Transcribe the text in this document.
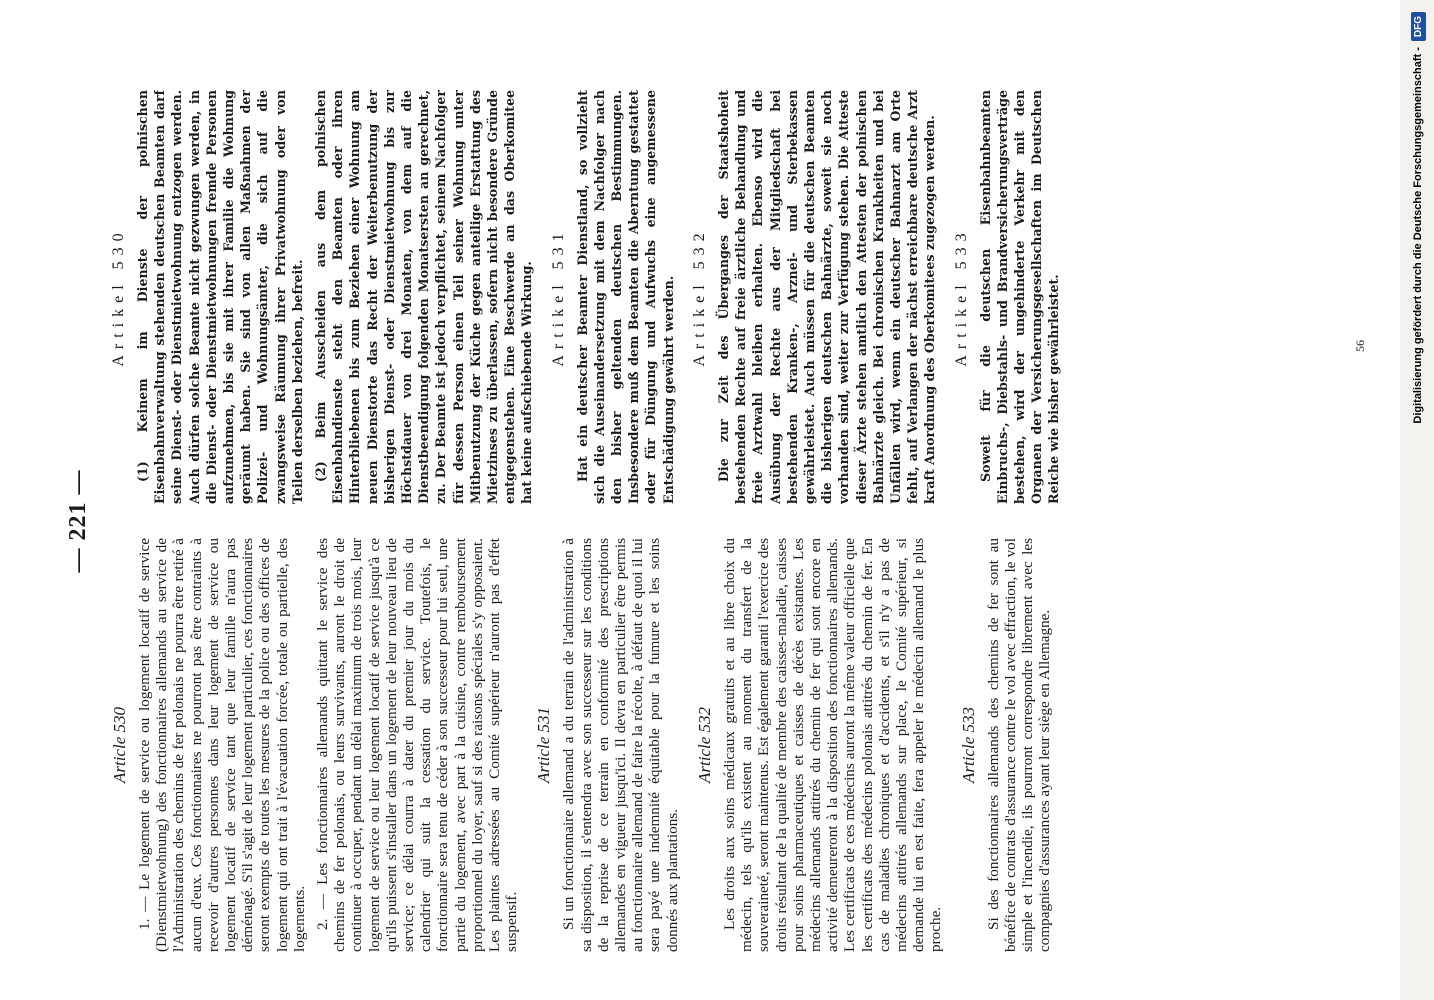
— 221 —
Article 530 1. — Le logement de service ou logement locatif de service (Dienstmietwohnung) des fonctionnaires allemands au service de l'Administration des chemins de fer polonais ne pourra être retiré à aucun d'eux. Ces fonctionnaires ne pourront pas être contraints à recevoir d'autres personnes dans leur logement de service ou logement locatif de service tant que leur famille n'aura pas déménagé. S'il s'agit de leur logement particulier, ces fonctionnaires seront exempts de toutes les mesures de la police ou des offices de logement qui ont trait à l'évacuation forcée, totale ou partielle, des logements. 2. — Les fonctionnaires allemands quittant le service des chemins de fer polonais, ou leurs survivants, auront le droit de continuer à occuper, pendant un délai maximum de trois mois, leur logement de service ou leur logement locatif de service jusqu'à ce qu'ils puissent s'installer dans un logement de leur nouveau lieu de service; ce délai courra à dater du premier jour du mois du calendrier qui suit la cessation du service. Toutefois, le fonctionnaire sera tenu de céder à son successeur pour lui seul, une partie du logement, avec part à la cuisine, contre remboursement proportionnel du loyer, sauf si des raisons spéciales s'y opposaient. Les plaintes adressées au Comité supérieur n'auront pas d'effet suspensif.

Article 531 Si un fonctionnaire allemand a du terrain de l'administration à sa disposition, il s'entendra avec son successeur sur les conditions de la reprise de ce terrain en conformité des prescriptions allemandes en vigueur jusqu'ici. Il devra en particulier être permis au fonctionnaire allemand de faire la récolte, à défaut de quoi il lui sera payé une indemnité équitable pour la fumure et les soins donnés aux plantations.

Article 532 Les droits aux soins médicaux gratuits et au libre choix du médecin, tels qu'ils existent au moment du transfert de la souveraineté, seront maintenus. Est également garanti l'exercice des droits résultant de la qualité de membre des caisses-maladie, caisses pour soins pharmaceutiques et caisses de décès existantes. Les médecins allemands attitrés du chemin de fer qui sont encore en activité demeureront à la disposition des fonctionnaires allemands. Les certificats de ces médecins auront la même valeur officielle que les certificats des médecins polonais attitrés du chemin de fer. En cas de maladies chroniques et d'accidents, et s'il n'y a pas de médecins attitrés allemands sur place, le Comité supérieur, si demande lui en est faite, fera appeler le médecin allemand le plus proche.

Article 533 Si des fonctionnaires allemands des chemins de fer sont au bénéfice de contrats d'assurance contre le vol avec effraction, le vol simple et l'incendie, ils pourront correspondre librement avec les compagnies d'assurances ayant leur siège en Allemagne.

Artikel 530 (1) Keinem im Dienste der polnischen Eisenbahnverwaltung stehenden deutschen Beamten darf seine Dienst- oder Dienstmietwohnung entzogen werden. Auch dürfen solche Beamte nicht gezwungen werden, in die Dienst- oder Dienstmietwohnungen fremde Personen aufzunehmen, bis sie mit ihrer Familie die Wohnung geräumt haben. Sie sind von allen Maßnahmen der Polizei- und Wohnungsämter, die sich auf die zwangsweise Räumung ihrer Privatwohnung oder von Teilen derselben beziehen, befreit. (2) Beim Ausscheiden aus dem polnischen Eisenbahndienste steht den Beamten oder ihren Hinterbliebenen bis zum Beziehen einer Wohnung am neuen Dienstorte das Recht der Weiterbenutzung der bisherigen Dienst- oder Dienstmietwohnung bis zur Höchstdauer von drei Monaten, von dem auf die Dienstbeendigung folgenden Monatsersten an gerechnet, zu. Der Beamte ist jedoch verpflichtet, seinem Nachfolger für dessen Person einen Teil seiner Wohnung unter Mitbenutzung der Küche gegen anteilige Erstattung des Mietzinses zu überlassen, sofern nicht besondere Gründe entgegenstehen. Eine Beschwerde an das Oberkomitee hat keine aufschiebende Wirkung. Artikel 531 Hat ein deutscher Beamter Dienstland, so vollzieht sich die Auseinandersetzung mit dem Nachfolger nach den bisher geltenden deutschen Bestimmungen. Insbesondere muß dem Beamten die Aberntung gestattet oder für Düngung und Aufwuchs eine angemessene Entschädigung gewährt werden. Artikel 532 Die zur Zeit des Überganges der Staatshoheit bestehenden Rechte auf freie ärztliche Behandlung und freie Arztwahl bleiben erhalten. Ebenso wird die Ausübung der Rechte aus der Mitgliedschaft bei bestehenden Kranken-, Arznei- und Sterbekassen gewährleistet. Auch müssen für die deutschen Beamten die bisherigen deutschen Bahnärzte, soweit sie noch vorhanden sind, weiter zur Verfügung stehen. Die Atteste dieser Ärzte stehen amtlich den Attesten der polnischen Bahnärzte gleich. Bei chronischen Krankheiten und bei Unfällen wird, wenn ein deutscher Bahnarzt am Orte fehlt, auf Verlangen der nächst erreichbare deutsche Arzt kraft Anordnung des Oberkomitees zugezogen werden. Artikel 533 Soweit für die deutschen Eisenbahnbeamten Einbruchs-, Diebstahls- und Brandversicherungsverträge bestehen, wird der ungehinderte Verkehr mit den Organen der Versicherungsgesellschaften im Deutschen Reiche wie bisher gewährleistet.	56	Digitalisierung gefördert durch die Deutsche Forschungsgemeinschaft -
DFG
